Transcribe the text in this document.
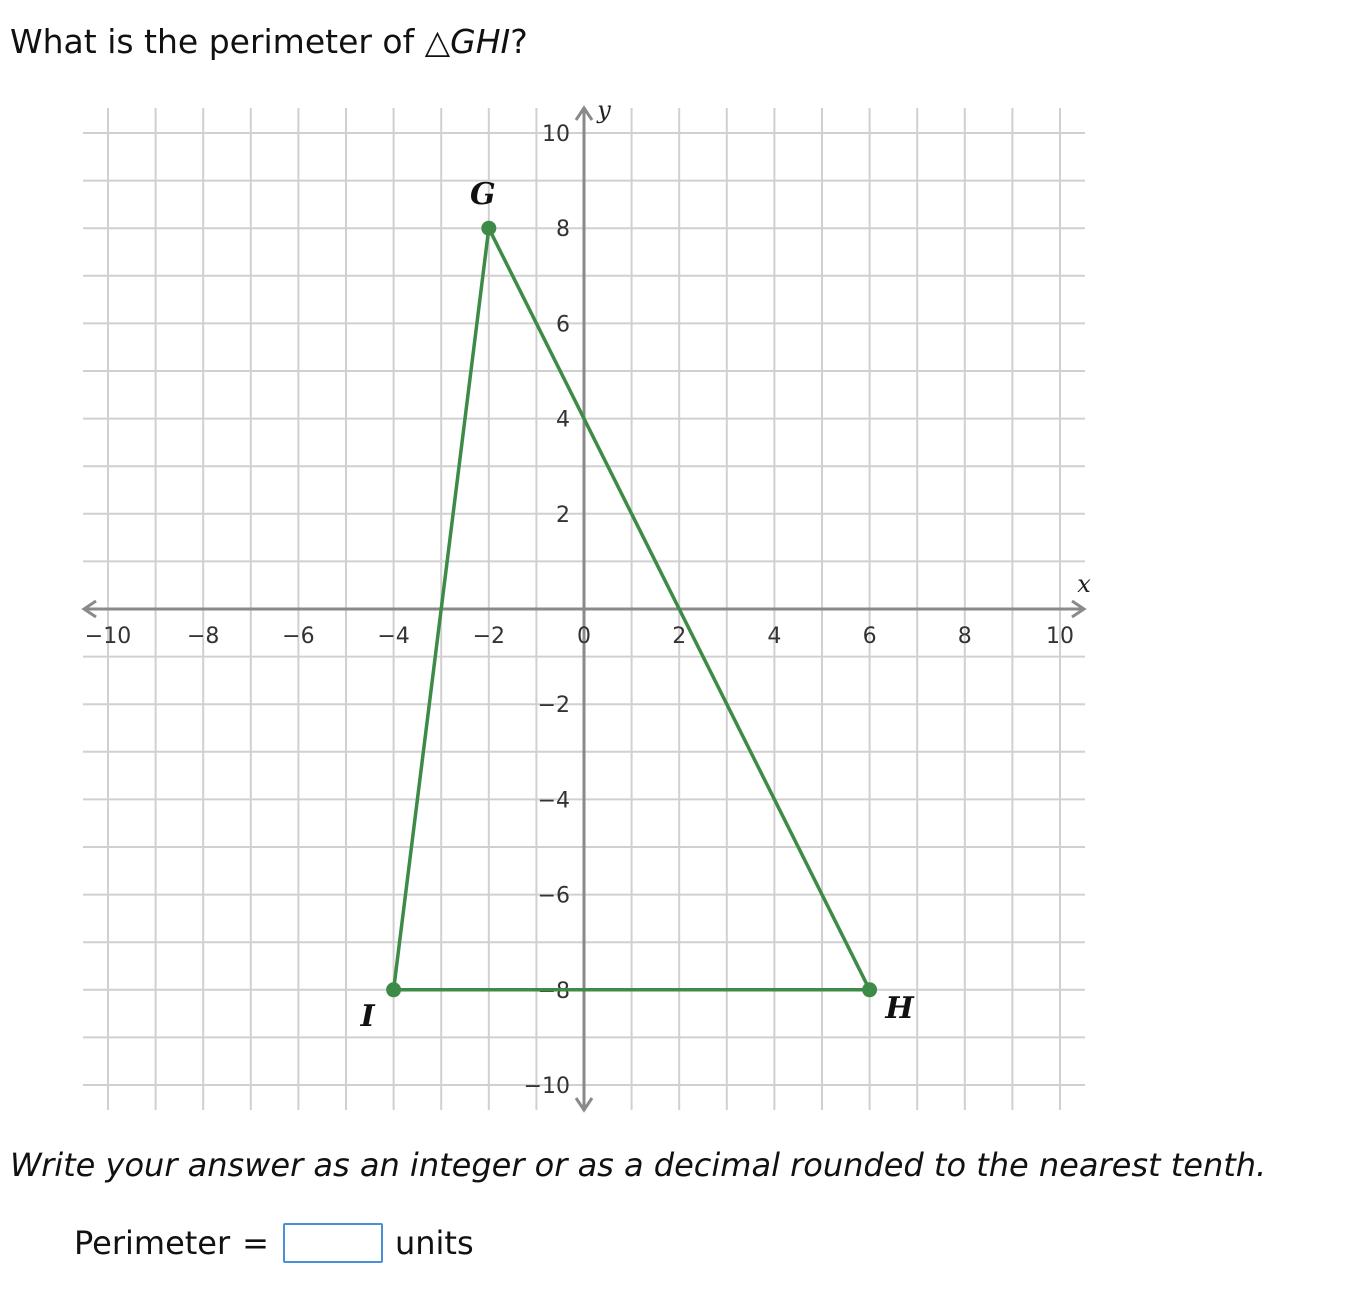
What is the perimeter of △GHI?
x
y
−10	−8	−6	−4	−2	0	2	4	6	8	10
10
8
6
4
2
−2
−4
−6
−8
−10
G
H
I
Write your answer as an integer or as a decimal rounded to the nearest tenth.
Perimeter =	units
